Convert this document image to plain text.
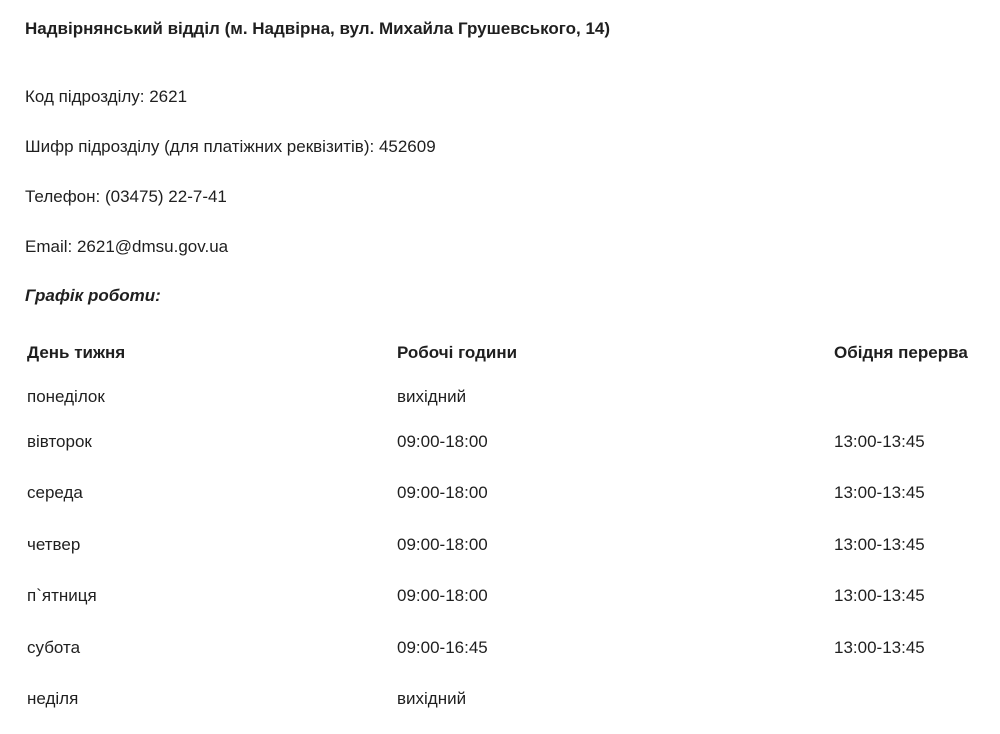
Надвірнянський відділ (м. Надвірна, вул. Михайла Грушевського, 14)
Код підрозділу: 2621
Шифр підрозділу (для платіжних реквізитів): 452609
Телефон: (03475) 22-7-41
Email: 2621@dmsu.gov.ua
Графік роботи:
День тижня	Робочі години	Обідня перерва
понеділок	вихідний	
вівторок	09:00-18:00	13:00-13:45
середа	09:00-18:00	13:00-13:45
четвер	09:00-18:00	13:00-13:45
п`ятниця	09:00-18:00	13:00-13:45
субота	09:00-16:45	13:00-13:45
неділя	вихідний	
